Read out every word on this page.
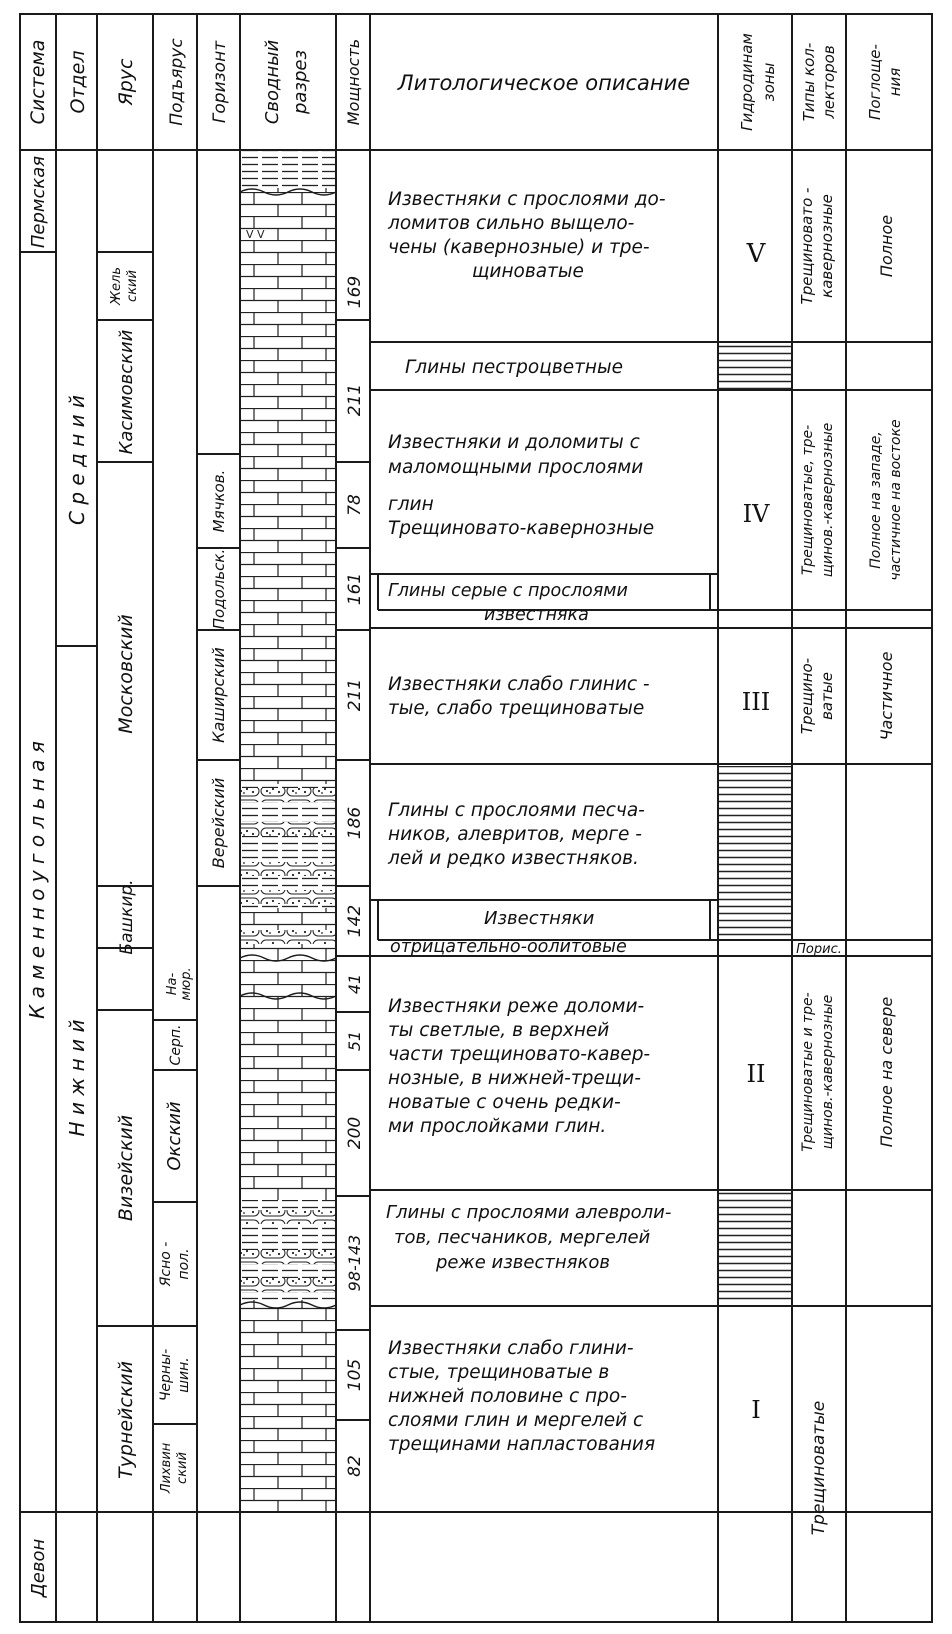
V V
Система Отдел Ярус Подъярус Горизонт Сводный разрез Мощность Литологическое описание	Гидродинам зоны Типы кол- лекторов Поглоще- ния
Пермская
К а м е н н о у г о л ь н а я
Девон
С р е д н и й
Н и ж н и й
Жель ский
Касимовский
Московский
Башкир.
На- мюр.
Визейский
Турнейский
Серп.
Окский
Ясно - пол.
Черны- шин.
Лихвин ский
Мячков.
Подольск.
Каширский
Верейский
169
211
78
161
211
186
142
41
51
200
98-143
105
82
Известняки с прослоями до-
ломитов сильно выщело-
чены (кавернозные) и тре-
щиноватые
Глины пестроцветные
Известняки и доломиты с
маломощными прослоями
глин
Трещиновато-кавернозные
Глины серые с прослоями
известняка
Известняки слабо глинис -
тые, слабо трещиноватые
Глины с прослоями песча-
ников, алевритов, мерге -
лей и редко известняков.
Известняки
отрицательно-оолитовые
Известняки реже доломи-
ты светлые, в верхней
части трещиновато-кавер-
нозные, в нижней-трещи-
новатые с очень редки-
ми прослойками глин.
Глины с прослоями алевроли-
тов, песчаников, мергелей
реже известняков
Известняки слабо глини-
стые, трещиноватые в
нижней половине с про-
слоями глин и мергелей с
трещинами напластования
V
IV
III
II
I
Трещиновато - кавернозные
Трещиноватые, тре- щинов.-кавернозные
Трещино- ватые
Порис.
Трещиноватые и тре- щинов.-кавернозные
Трещиноватые
Полное
Полное на западе, частичное на востоке
Частичное
Полное на севере
